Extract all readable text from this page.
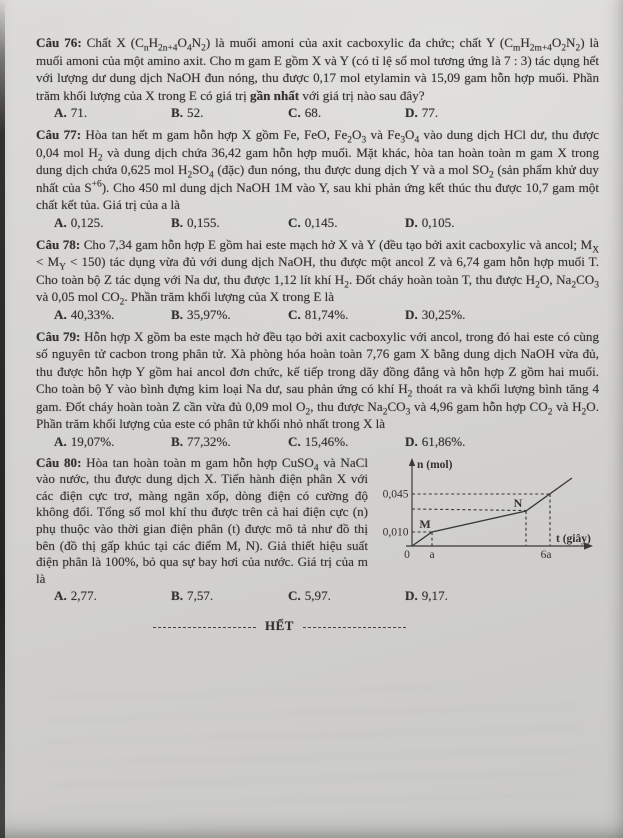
Câu 76: Chất X $(C_nH_{2n+4}O_4N_2)$ là muối amoni của axit cacboxylic đa chức; chất Y $(C_mH_{2m+4}O_2N_2)$ là muối amoni của một amino axit. Cho m gam E gồm X và Y (có tỉ lệ số mol tương ứng là 7 : 3) tác dụng hết với lượng dư dung dịch NaOH đun nóng, thu được 0,17 mol etylamin và 15,09 gam hỗn hợp muối. Phần trăm khối lượng của X trong E có giá trị gần nhất với giá trị nào sau đây?

A. 71.	B. 52.	C. 68.	D. 77.

Câu 77: Hòa tan hết m gam hỗn hợp X gồm Fe, FeO, $Fe_2O_3$ và $Fe_3O_4$ vào dung dịch HCl dư, thu được 0,04 mol $H_2$ và dung dịch chứa 36,42 gam hỗn hợp muối. Mặt khác, hòa tan hoàn toàn m gam X trong dung dịch chứa 0,625 mol $H_2SO_4$ (đặc) đun nóng, thu được dung dịch Y và a mol $SO_2$ (sản phẩm khử duy nhất của $S^{+6}$). Cho 450 ml dung dịch NaOH 1M vào Y, sau khi phản ứng kết thúc thu được 10,7 gam một chất kết tủa. Giá trị của a là

A. 0,125.	B. 0,155.	C. 0,145.	D. 0,105.

Câu 78: Cho 7,34 gam hỗn hợp E gồm hai este mạch hở X và Y (đều tạo bởi axit cacboxylic và ancol; $M_X < M_Y < 150$) tác dụng vừa đủ với dung dịch NaOH, thu được một ancol Z và 6,74 gam hỗn hợp muối T. Cho toàn bộ Z tác dụng với Na dư, thu được 1,12 lít khí $H_2$. Đốt cháy hoàn toàn T, thu được $H_2O$, $Na_2CO_3$ và 0,05 mol $CO_2$. Phần trăm khối lượng của X trong E là

A. 40,33%.	B. 35,97%.	C. 81,74%.	D. 30,25%.

Câu 79: Hỗn hợp X gồm ba este mạch hở đều tạo bởi axit cacboxylic với ancol, trong đó hai este có cùng số nguyên tử cacbon trong phân tử. Xà phòng hóa hoàn toàn 7,76 gam X bằng dung dịch NaOH vừa đủ, thu được hỗn hợp Y gồm hai ancol đơn chức, kế tiếp trong dãy đồng đẳng và hỗn hợp Z gồm hai muối. Cho toàn bộ Y vào bình đựng kim loại Na dư, sau phản ứng có khí $H_2$ thoát ra và khối lượng bình tăng 4 gam. Đốt cháy hoàn toàn Z cần vừa đủ 0,09 mol $O_2$, thu được $Na_2CO_3$ và 4,96 gam hỗn hợp $CO_2$ và $H_2O$. Phần trăm khối lượng của este có phân tử khối nhỏ nhất trong X là

A. 19,07%.	B. 77,32%.	C. 15,46%.	D. 61,86%.
n (mol)
t (giây)
0,045
0,010
0 a	6a
M
N

Câu 80: Hòa tan hoàn toàn m gam hỗn hợp CuSO$_4$ và NaCl vào nước, thu được dung dịch X. Tiến hành điện phân X với các điện cực trơ, màng ngăn xốp, dòng điện có cường độ không đổi. Tổng số mol khí thu được trên cả hai điện cực (n) phụ thuộc vào thời gian điện phân (t) được mô tả như đồ thị bên (đồ thị gấp khúc tại các điểm M, N). Giả thiết hiệu suất điện phân là 100%, bỏ qua sự bay hơi của nước. Giá trị của m là

A. 2,77.	B. 7,57.	C. 5,97.	D. 9,17.
HẾT
